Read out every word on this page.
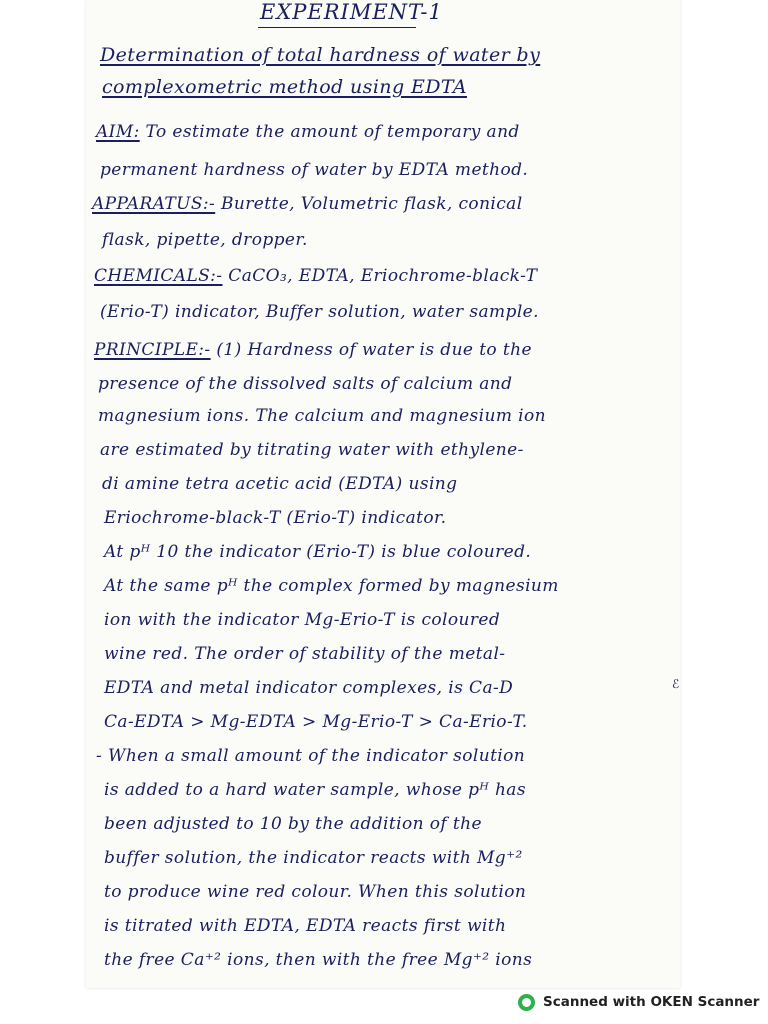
EXPERIMENT-1
Determination of total hardness of water by
complexometric method using EDTA
AIM: To estimate the amount of temporary and
permanent hardness of water by EDTA method.
APPARATUS:- Burette, Volumetric flask, conical
flask, pipette, dropper.
CHEMICALS:- CaCO₃, EDTA, Eriochrome-black-T
(Erio-T) indicator, Buffer solution, water sample.
PRINCIPLE:- (1) Hardness of water is due to the
presence of the dissolved salts of calcium and
magnesium ions. The calcium and magnesium ion
are estimated by titrating water with ethylene-
di amine tetra acetic acid (EDTA) using
Eriochrome-black-T (Erio-T) indicator.
At pᴴ 10 the indicator (Erio-T) is blue coloured.
At the same pᴴ the complex formed by magnesium
ion with the indicator Mg-Erio-T is coloured
wine red. The order of stability of the metal-
EDTA and metal indicator complexes, is Ca-D
Ca-EDTA > Mg-EDTA > Mg-Erio-T > Ca-Erio-T.
- When a small amount of the indicator solution
is added to a hard water sample, whose pᴴ has
been adjusted to 10 by the addition of the
buffer solution, the indicator reacts with Mg⁺²
to produce wine red colour. When this solution
is titrated with EDTA, EDTA reacts first with
the free Ca⁺² ions, then with the free Mg⁺² ions
ℰ
Scanned with OKEN Scanner
